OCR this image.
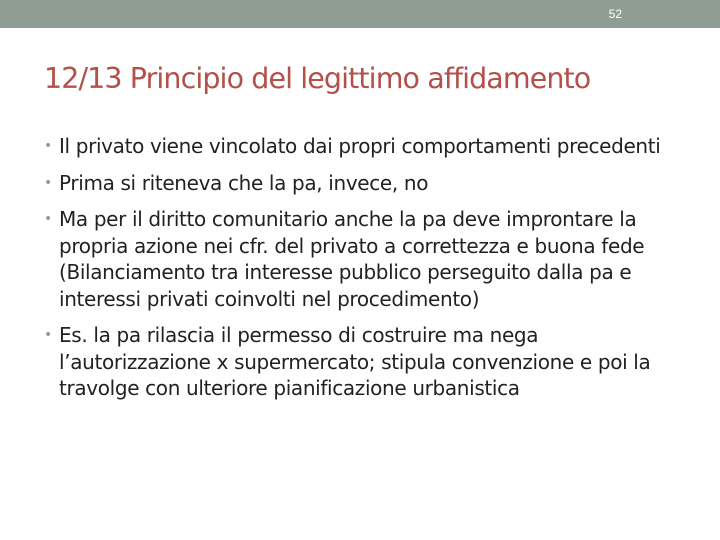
52
12/13 Principio del legittimo affidamento
• Il privato viene vincolato dai propri comportamenti precedenti
• Prima si riteneva che la pa, invece, no
• Ma per il diritto comunitario anche la pa deve improntare la propria azione nei cfr. del privato a correttezza e buona fede (Bilanciamento tra interesse pubblico perseguito dalla pa e interessi privati coinvolti nel procedimento)
• Es. la pa rilascia il permesso di costruire ma nega l’autorizzazione x supermercato; stipula convenzione e poi la travolge con ulteriore pianificazione urbanistica
